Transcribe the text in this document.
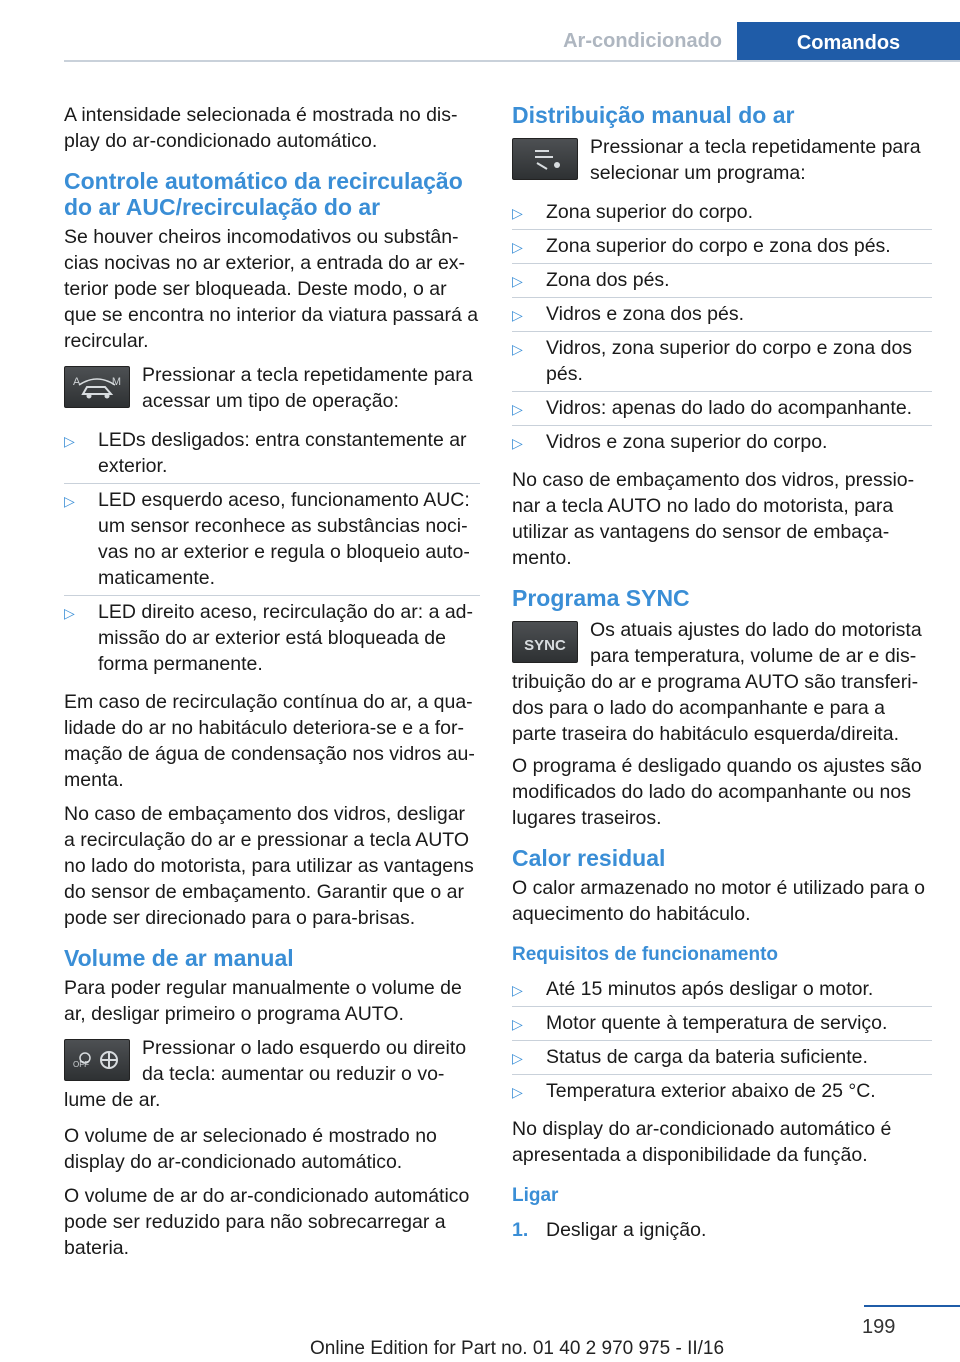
Ar-condicionado	Comandos

A intensidade selecionada é mostrada no dis-play do ar-condicionado automático.

Controle automático da recirculação do ar AUC/recirculação do ar

Se houver cheiros incomodativos ou substân-cias nocivas no ar exterior, a entrada do ar ex-terior pode ser bloqueada. Deste modo, o ar que se encontra no interior da viatura passará a recircular.

A	M Pressionar a tecla repetidamente para acessar um tipo de operação:
▷ LEDs desligados: entra constantemente ar exterior.
▷ LED esquerdo aceso, funcionamento AUC: um sensor reconhece as substâncias noci-vas no ar exterior e regula o bloqueio auto-maticamente.
▷ LED direito aceso, recirculação do ar: a ad-missão do ar exterior está bloqueada de forma permanente.

Em caso de recirculação contínua do ar, a qua-lidade do ar no habitáculo deteriora-se e a for-mação de água de condensação nos vidros au-menta.

No caso de embaçamento dos vidros, desligar a recirculação do ar e pressionar a tecla AUTO no lado do motorista, para utilizar as vantagens do sensor de embaçamento. Garantir que o ar pode ser direcionado para o para-brisas.

Volume de ar manual

Para poder regular manualmente o volume de ar, desligar primeiro o programa AUTO.

OFF
Pressionar o lado esquerdo ou direito da tecla: aumentar ou reduzir o vo-lume de ar.

O volume de ar selecionado é mostrado no display do ar-condicionado automático.

O volume de ar do ar-condicionado automático pode ser reduzido para não sobrecarregar a bateria.

Distribuição manual do ar
Pressionar a tecla repetidamente para selecionar um programa:
▷ Zona superior do corpo.
▷ Zona superior do corpo e zona dos pés.
▷ Zona dos pés.
▷ Vidros e zona dos pés.
▷ Vidros, zona superior do corpo e zona dos pés.
▷ Vidros: apenas do lado do acompanhante.
▷ Vidros e zona superior do corpo.

No caso de embaçamento dos vidros, pressio-nar a tecla AUTO no lado do motorista, para utilizar as vantagens do sensor de embaça-mento.

Programa SYNC
SYNC
Os atuais ajustes do lado do motorista para temperatura, volume de ar e dis-tribuição do ar e programa AUTO são transferi-dos para o lado do acompanhante e para a parte traseira do habitáculo esquerda/direita.

O programa é desligado quando os ajustes são modificados do lado do acompanhante ou nos lugares traseiros.

Calor residual

O calor armazenado no motor é utilizado para o aquecimento do habitáculo.

Requisitos de funcionamento
▷ Até 15 minutos após desligar o motor.
▷ Motor quente à temperatura de serviço.
▷ Status de carga da bateria suficiente.
▷ Temperatura exterior abaixo de 25 °C.

No display do ar-condicionado automático é apresentada a disponibilidade da função.

Ligar
1. Desligar a ignição.
199
Online Edition for Part no. 01 40 2 970 975 - II/16
